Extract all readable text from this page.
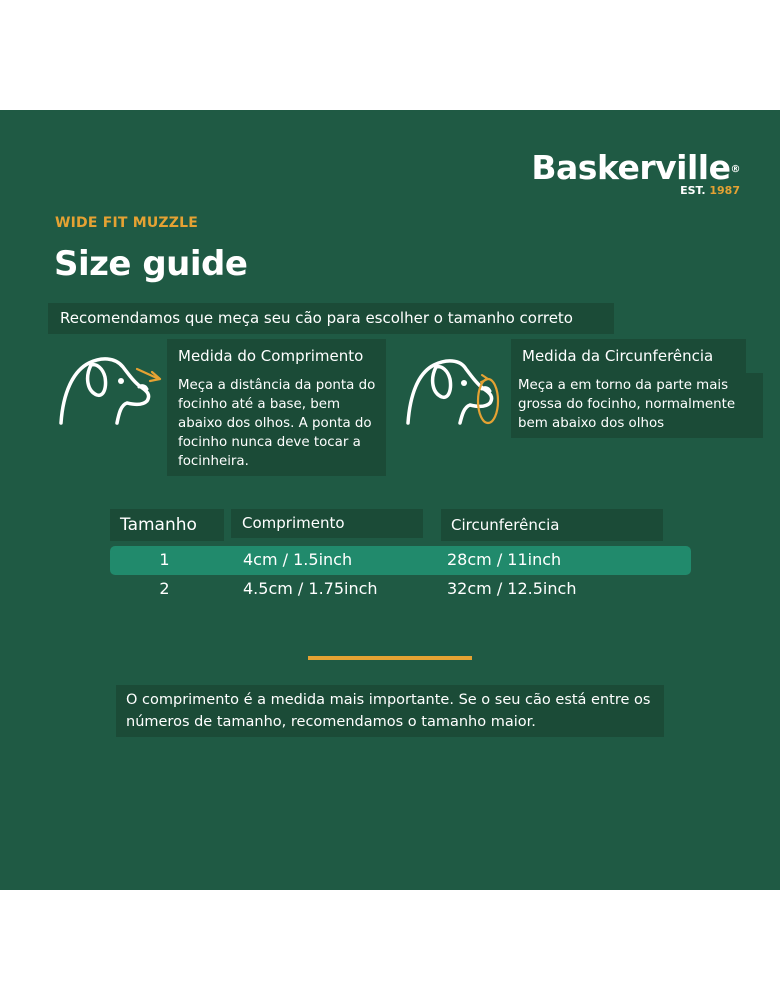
Baskerville®
EST. 1987
WIDE FIT MUZZLE
Size guide
Recomendamos que meça seu cão para escolher o tamanho correto
Medida do Comprimento
Meça a distância da ponta do focinho até a base, bem abaixo dos olhos. A ponta do focinho nunca deve tocar a focinheira.
Medida da Circunferência
Meça a em torno da parte mais grossa do focinho, normalmente bem abaixo dos olhos
Tamanho	Comprimento	Circunferência
1	4cm / 1.5inch	28cm / 11inch
2	4.5cm / 1.75inch	32cm / 12.5inch
O comprimento é a medida mais importante. Se o seu cão está entre os números de tamanho, recomendamos o tamanho maior.
